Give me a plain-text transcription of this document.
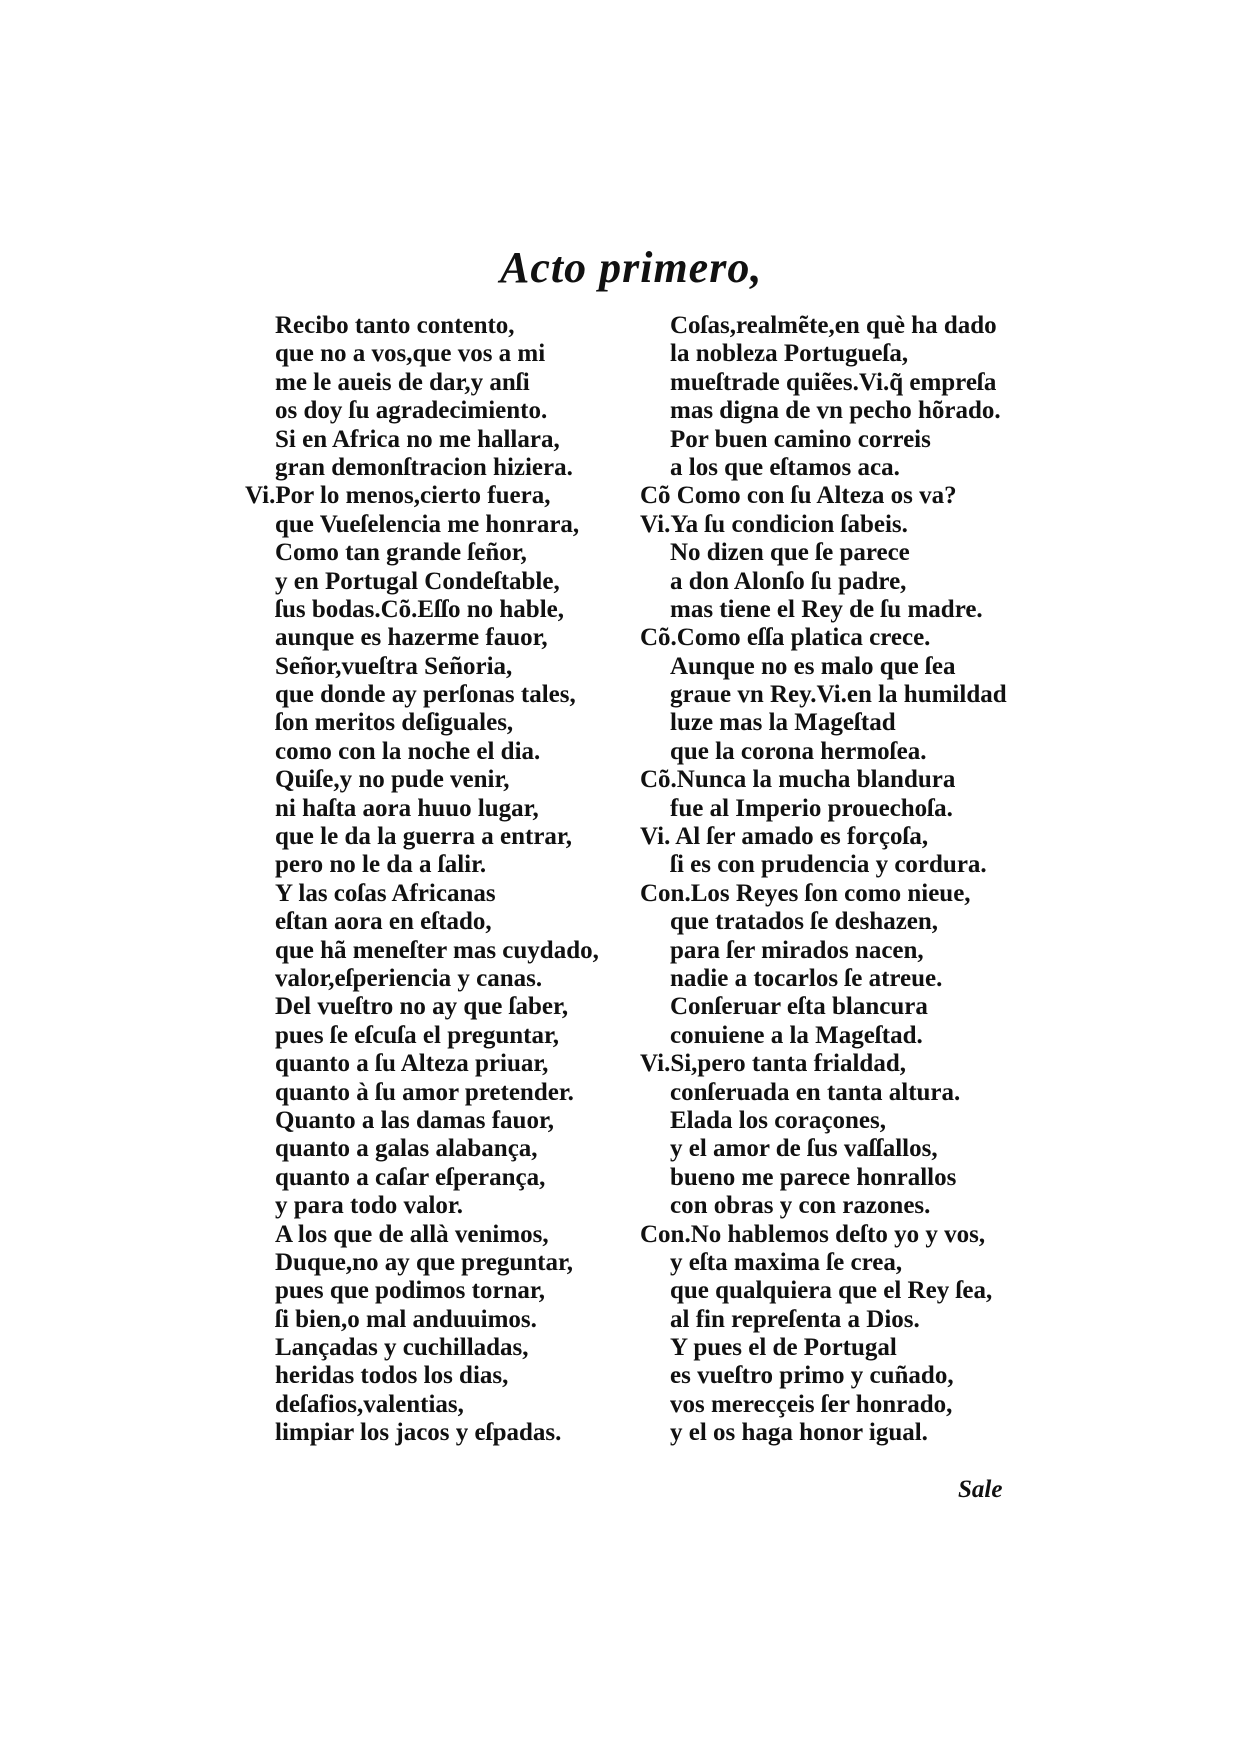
Acto primero,
Recibo tanto contento,
que no a vos,que vos a mi
me le aueis de dar,y anſi
os doy ſu agradecimiento.
Si en Africa no me hallara,
gran demonſtracion hiziera.
Vi.Por lo menos,cierto fuera,
que Vueſelencia me honrara,
Como tan grande ſeñor,
y en Portugal Condeſtable,
ſus bodas.Cõ.Eſſo no hable,
aunque es hazerme fauor,
Señor,vueſtra Señoria,
que donde ay perſonas tales,
ſon meritos deſiguales,
como con la noche el dia.
Quiſe,y no pude venir,
ni haſta aora huuo lugar,
que le da la guerra a entrar,
pero no le da a ſalir.
Y las coſas Africanas
eſtan aora en eſtado,
que hã meneſter mas cuydado,
valor,eſperiencia y canas.
Del vueſtro no ay que ſaber,
pues ſe eſcuſa el preguntar,
quanto a ſu Alteza priuar,
quanto à ſu amor pretender.
Quanto a las damas fauor,
quanto a galas alabança,
quanto a caſar eſperança,
y para todo valor.
A los que de allà venimos,
Duque,no ay que preguntar,
pues que podimos tornar,
ſi bien,o mal anduuimos.
Lançadas y cuchilladas,
heridas todos los dias,
deſafios,valentias,
limpiar los jacos y eſpadas.
Coſas,realmẽte,en què ha dado
la nobleza Portugueſa,
mueſtrade quiẽes.Vi.q̃ empreſa
mas digna de vn pecho hõrado.
Por buen camino correis
a los que eſtamos aca.
Cõ Como con ſu Alteza os va?
Vi.Ya ſu condicion ſabeis.
No dizen que ſe parece
a don Alonſo ſu padre,
mas tiene el Rey de ſu madre.
Cõ.Como eſſa platica crece.
Aunque no es malo que ſea
graue vn Rey.Vi.en la humildad
luze mas la Mageſtad
que la corona hermoſea.
Cõ.Nunca la mucha blandura
fue al Imperio prouechoſa.
Vi. Al ſer amado es forçoſa,
ſi es con prudencia y cordura.
Con.Los Reyes ſon como nieue,
que tratados ſe deshazen,
para ſer mirados nacen,
nadie a tocarlos ſe atreue.
Conſeruar eſta blancura
conuiene a la Mageſtad.
Vi.Si,pero tanta frialdad,
conſeruada en tanta altura.
Elada los coraçones,
y el amor de ſus vaſſallos,
bueno me parece honrallos
con obras y con razones.
Con.No hablemos deſto yo y vos,
y eſta maxima ſe crea,
que qualquiera que el Rey ſea,
al fin repreſenta a Dios.
Y pues el de Portugal
es vueſtro primo y cuñado,
vos merecçeis ſer honrado,
y el os haga honor igual.
Sale
